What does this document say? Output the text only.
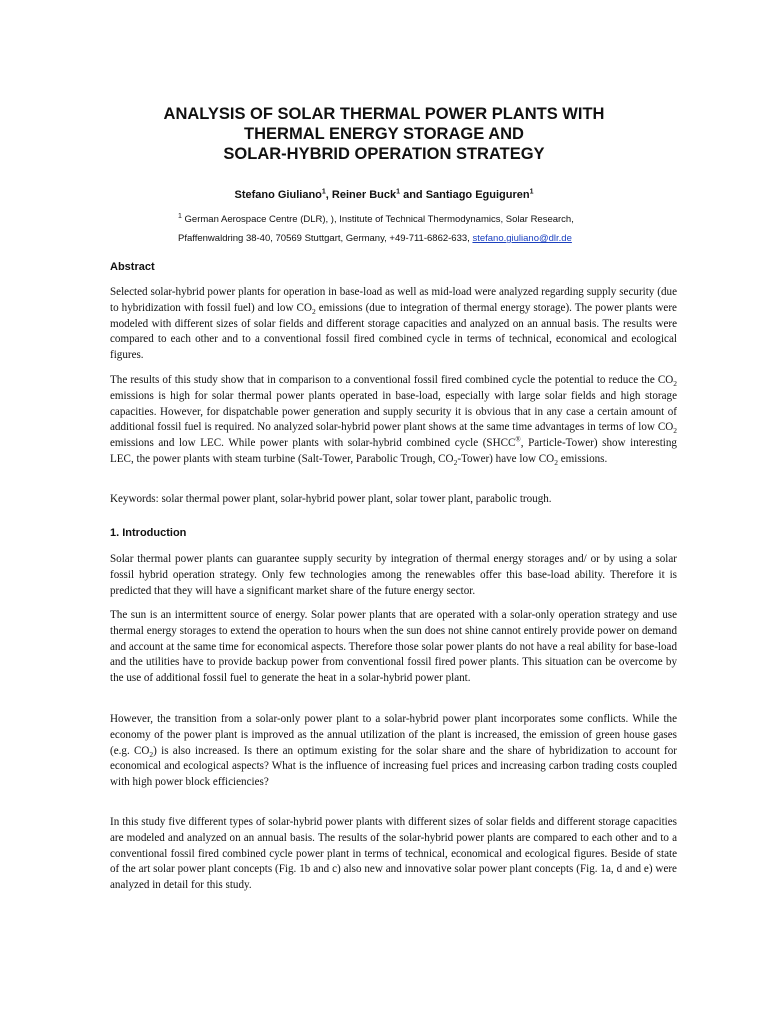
ANALYSIS OF SOLAR THERMAL POWER PLANTS WITH
THERMAL ENERGY STORAGE AND
SOLAR-HYBRID OPERATION STRATEGY
Stefano Giuliano$^1$, Reiner Buck$^1$ and Santiago Eguiguren$^1$
$^1$ German Aerospace Centre (DLR), ), Institute of Technical Thermodynamics, Solar Research,
Pfaffenwaldring 38-40, 70569 Stuttgart, Germany, +49-711-6862-633, stefano.giuliano@dlr.de
Abstract

Selected solar-hybrid power plants for operation in base-load as well as mid-load were analyzed regarding supply security (due to hybridization with fossil fuel) and low $CO_2$ emissions (due to integration of thermal energy storage). The power plants were modeled with different sizes of solar fields and different storage capacities and analyzed on an annual basis. The results were compared to each other and to a conventional fossil fired combined cycle in terms of technical, economical and ecological figures.

The results of this study show that in comparison to a conventional fossil fired combined cycle the potential to reduce the $CO_2$ emissions is high for solar thermal power plants operated in base-load, especially with large solar fields and high storage capacities. However, for dispatchable power generation and supply security it is obvious that in any case a certain amount of additional fossil fuel is required. No analyzed solar-hybrid power plant shows at the same time advantages in terms of low $CO_2$ emissions and low LEC. While power plants with solar-hybrid combined cycle (SHCC®, Particle-Tower) show interesting LEC, the power plants with steam turbine (Salt-Tower, Parabolic Trough, $CO_2-Tower$) have low $CO_2$ emissions.

Keywords: solar thermal power plant, solar-hybrid power plant, solar tower plant, parabolic trough.

1. Introduction

Solar thermal power plants can guarantee supply security by integration of thermal energy storages and/ or by using a solar fossil hybrid operation strategy. Only few technologies among the renewables offer this base-load ability. Therefore it is predicted that they will have a significant market share of the future energy sector.

The sun is an intermittent source of energy. Solar power plants that are operated with a solar-only operation strategy and use thermal energy storages to extend the operation to hours when the sun does not shine cannot entirely provide power on demand and account at the same time for economical aspects. Therefore those solar power plants do not have a real ability for base-load and the utilities have to provide backup power from conventional fossil fired power plants. This situation can be overcome by the use of additional fossil fuel to generate the heat in a solar-hybrid power plant.

However, the transition from a solar-only power plant to a solar-hybrid power plant incorporates some conflicts. While the economy of the power plant is improved as the annual utilization of the plant is increased, the emission of green house gases (e.g. $CO_2$) is also increased. Is there an optimum existing for the solar share and the share of hybridization to account for economical and ecological aspects? What is the influence of increasing fuel prices and increasing carbon trading costs coupled with high power block efficiencies?

In this study five different types of solar-hybrid power plants with different sizes of solar fields and different storage capacities are modeled and analyzed on an annual basis. The results of the solar-hybrid power plants are compared to each other and to a conventional fossil fired combined cycle power plant in terms of technical, economical and ecological figures. Beside of state of the art solar power plant concepts (Fig. 1b and c) also new and innovative solar power plant concepts (Fig. 1a, d and e) were analyzed in detail for this study.
